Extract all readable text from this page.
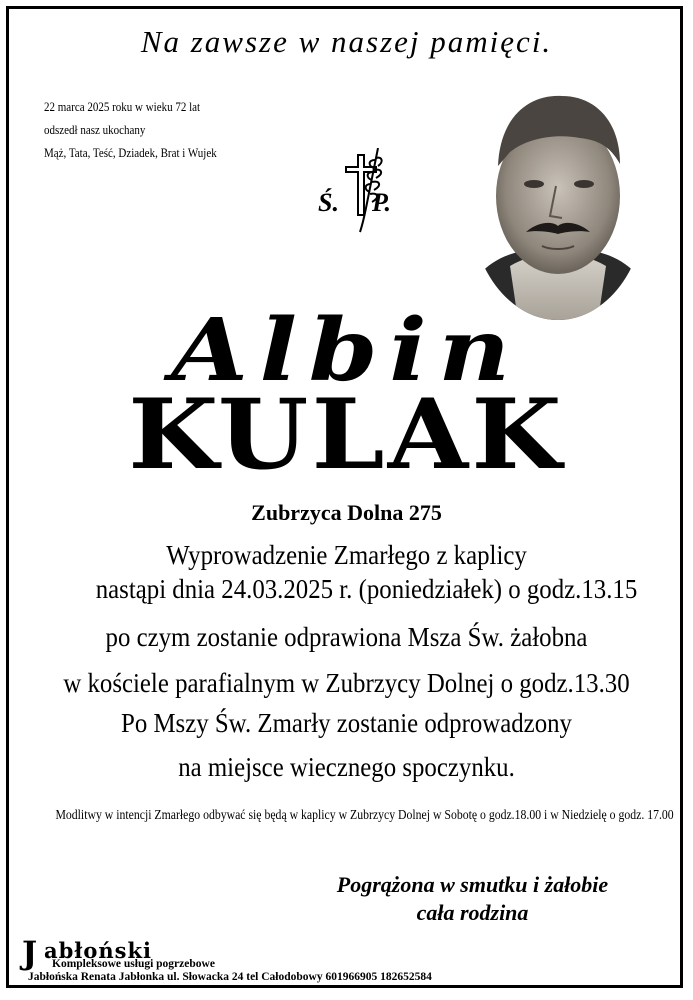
Na zawsze w naszej pamięci.
22 marca 2025 roku w wieku 72 lat
odszedł nasz ukochany
Mąż, Tata, Teść, Dziadek, Brat i Wujek
Ś. P.
Albin
KULAK
Zubrzyca Dolna 275
Wyprowadzenie Zmarłego z kaplicy
nastąpi dnia 24.03.2025 r. (poniedziałek) o godz.13.15
po czym zostanie odprawiona Msza Św. żałobna
w kościele parafialnym w Zubrzycy Dolnej o godz.13.30
Po Mszy Św. Zmarły zostanie odprowadzony
na miejsce wiecznego spoczynku.
Modlitwy w intencji Zmarłego odbywać się będą w kaplicy w Zubrzycy Dolnej w Sobotę o godz.18.00 i w Niedzielę o godz. 17.00
Pogrążona w smutku i żałobie
cała rodzina
J abłoński
Kompleksowe usługi pogrzebowe
Jabłońska Renata Jabłonka ul. Słowacka 24 tel Całodobowy 601966905 182652584
